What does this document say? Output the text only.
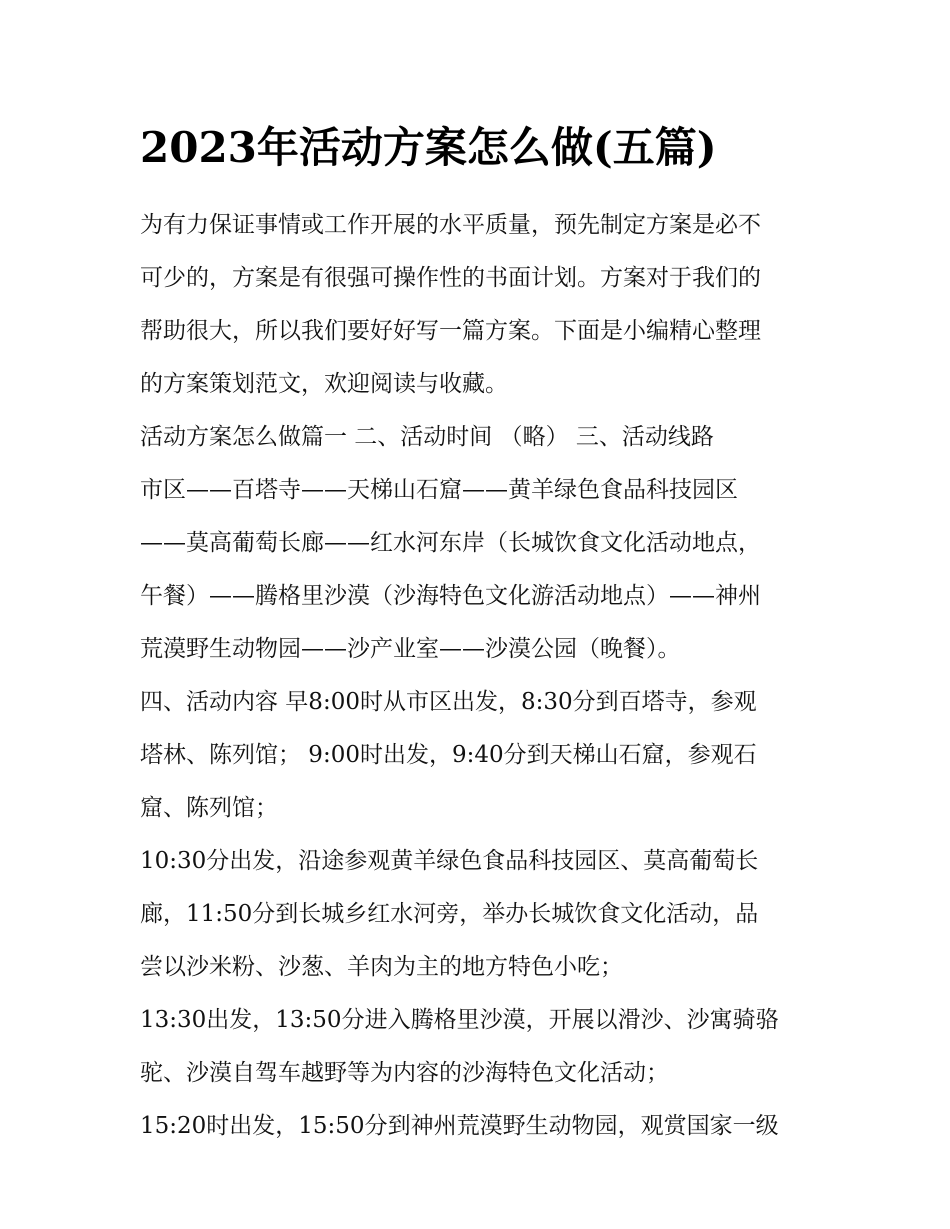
2023年活动方案怎么做(五篇)
为有力保证事情或工作开展的水平质量，预先制定方案是必不
可少的，方案是有很强可操作性的书面计划。方案对于我们的
帮助很大，所以我们要好好写一篇方案。下面是小编精心整理
的方案策划范文，欢迎阅读与收藏。
活动方案怎么做篇一 二、活动时间 （略） 三、活动线路
市区——百塔寺——天梯山石窟——黄羊绿色食品科技园区
——莫高葡萄长廊——红水河东岸（长城饮食文化活动地点，
午餐）——腾格里沙漠（沙海特色文化游活动地点）——神州
荒漠野生动物园——沙产业室——沙漠公园（晚餐）。
四、活动内容 早8:00时从市区出发，8:30分到百塔寺，参观
塔林、陈列馆； 9:00时出发，9:40分到天梯山石窟，参观石
窟、陈列馆；
10:30分出发，沿途参观黄羊绿色食品科技园区、莫高葡萄长
廊，11:50分到长城乡红水河旁，举办长城饮食文化活动，品
尝以沙米粉、沙葱、羊肉为主的地方特色小吃；
13:30出发，13:50分进入腾格里沙漠，开展以滑沙、沙寓骑骆
驼、沙漠自驾车越野等为内容的沙海特色文化活动；
15:20时出发，15:50分到神州荒漠野生动物园，观赏国家一级
